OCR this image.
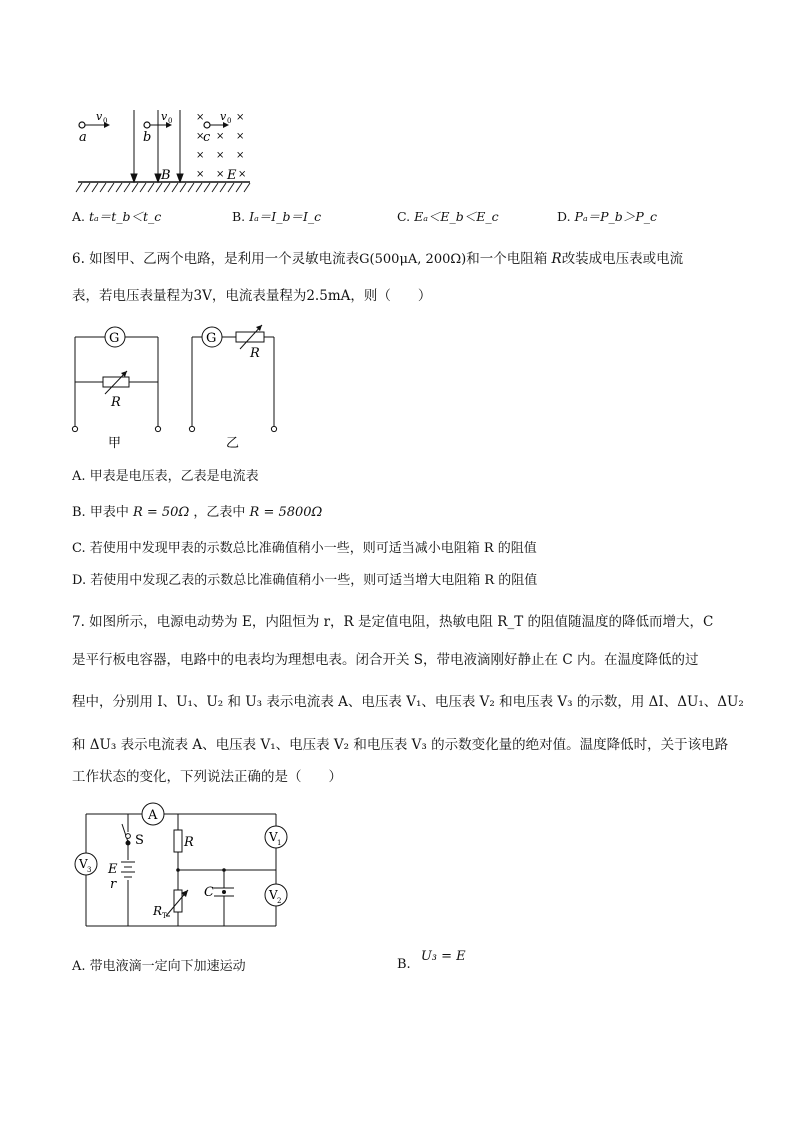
v 0
a
v 0
b
B
×	×
× × ×
× × ×
× × ×
v 0
c
E
A. tₐ＝t_b＜t_c	B. Iₐ＝I_b＝I_c	C. Eₐ＜E_b＜E_c	D. Pₐ＝P_b＞P_c
6. 如图甲、乙两个电路，是利用一个灵敏电流表G(500μA, 200Ω)和一个电阻箱 R改装成电压表或电流
表，若电压表量程为3V，电流表量程为2.5mA，则（　　）
G
R
甲
G
R
乙
A. 甲表是电压表，乙表是电流表
B. 甲表中 R = 50Ω ，乙表中 R = 5800Ω
C. 若使用中发现甲表的示数总比准确值稍小一些，则可适当减小电阻箱 R 的阻值
D. 若使用中发现乙表的示数总比准确值稍小一些，则可适当增大电阻箱 R 的阻值
7. 如图所示，电源电动势为 E，内阻恒为 r，R 是定值电阻，热敏电阻 R_T 的阻值随温度的降低而增大，C
是平行板电容器，电路中的电表均为理想电表。闭合开关 S，带电液滴刚好静止在 C 内。在温度降低的过
程中，分别用 I、U₁、U₂ 和 U₃ 表示电流表 A、电压表 V₁、电压表 V₂ 和电压表 V₃ 的示数，用 ΔI、ΔU₁、ΔU₂
和 ΔU₃ 表示电流表 A、电压表 V₁、电压表 V₂ 和电压表 V₃ 的示数变化量的绝对值。温度降低时，关于该电路
工作状态的变化，下列说法正确的是（　　）
A
V 1
V 2
V 3
S	R
E
r
C
R T
A. 带电液滴一定向下加速运动	B. U₃ = E
